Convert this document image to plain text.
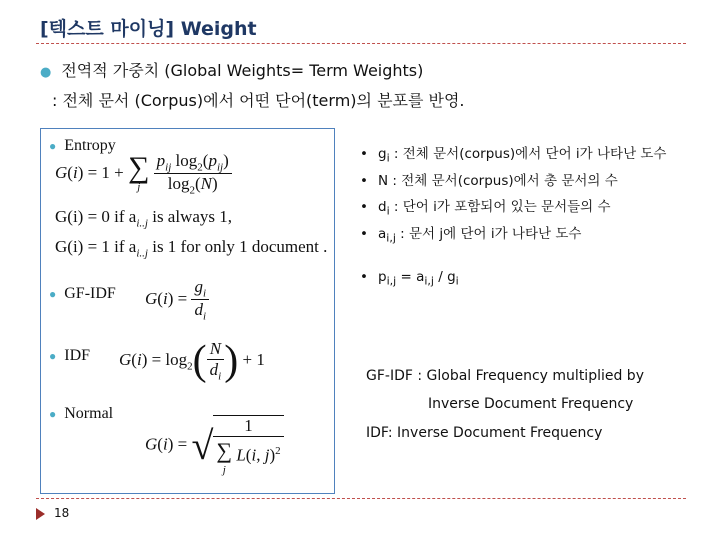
[텍스트 마이닝] Weight
● 전역적 가중치 (Global Weights= Term Weights)
: 전체 문서 (Corpus)에서 어떤 단어(term)의 분포를 반영.
● Entropy
G(i) = 1 + ∑
j
$\frac{p_{ij} \log_2(p_{ij})}{\log_2(N)}$
G(i) = 0 if $a_{i..j}$ is always 1,
G(i) = 1 if $a_{i..j}$ is 1 for only 1 document .
● GF-IDF $G(i) = \frac{g_i}{d_i}$
● IDF $G(i) = \log_2( \frac{N}{d_i}$ ) + 1
● Normal
G(i) = √ 1
∑
j
L(i, j)$^2$
• $g_i$ : 전체 문서(corpus)에서 단어 i가 나타난 도수
• N : 전체 문서(corpus)에서 총 문서의 수
• $d_i$ : 단어 i가 포함되어 있는 문서들의 수
• $a_{i,j}$ : 문서 j에 단어 i가 나타난 도수
• $p_{i,j} = a_{i,j} / g_i$
GF-IDF : Global Frequency multiplied by
Inverse Document Frequency
IDF: Inverse Document Frequency
18
